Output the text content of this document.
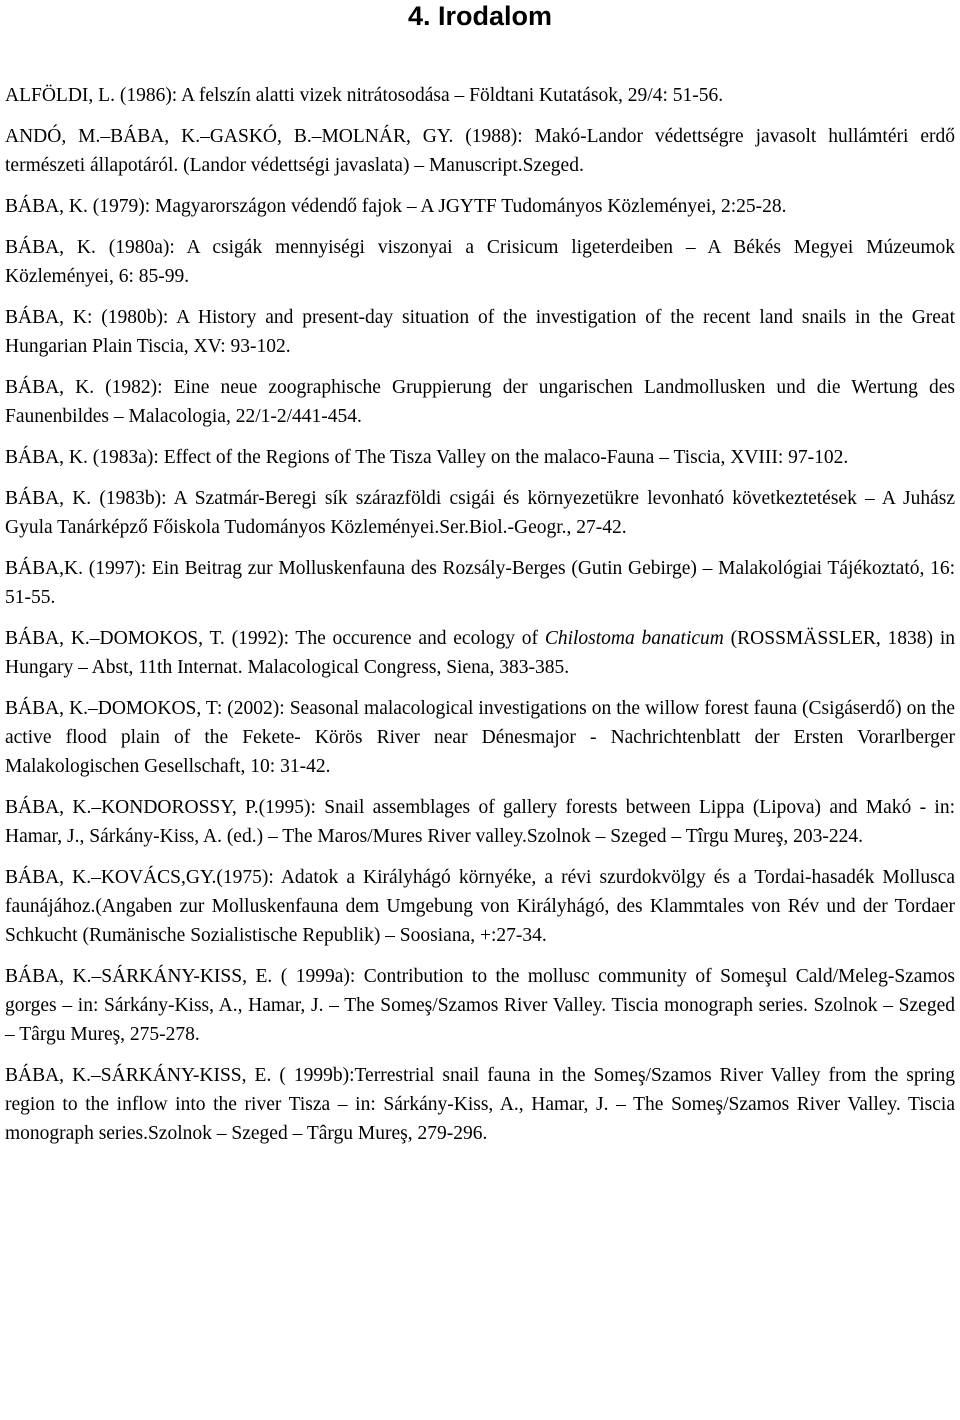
4. Irodalom

ALFÖLDI, L. (1986): A felszín alatti vizek nitrátosodása – Földtani Kutatások, 29/4: 51-56.

ANDÓ, M.–BÁBA, K.–GASKÓ, B.–MOLNÁR, GY. (1988): Makó-Landor védettségre javasolt hullámtéri erdő természeti állapotáról. (Landor védettségi javaslata) – Manuscript.Szeged.

BÁBA, K. (1979): Magyarországon védendő fajok – A JGYTF Tudományos Közleményei, 2:25-28.

BÁBA, K. (1980a): A csigák mennyiségi viszonyai a Crisicum ligeterdeiben – A Békés Megyei Múzeumok Közleményei, 6: 85-99.

BÁBA, K: (1980b): A History and present-day situation of the investigation of the recent land snails in the Great Hungarian Plain Tiscia, XV: 93-102.

BÁBA, K. (1982): Eine neue zoographische Gruppierung der ungarischen Landmollusken und die Wertung des Faunenbildes – Malacologia, 22/1-2/441-454.

BÁBA, K. (1983a): Effect of the Regions of The Tisza Valley on the malaco-Fauna – Tiscia, XVIII: 97-102.

BÁBA, K. (1983b): A Szatmár-Beregi sík szárazföldi csigái és környezetükre levonható következtetések – A Juhász Gyula Tanárképző Főiskola Tudományos Közleményei.Ser.Biol.-Geogr., 27-42.

BÁBA,K. (1997): Ein Beitrag zur Molluskenfauna des Rozsály-Berges (Gutin Gebirge) – Malakológiai Tájékoztató, 16: 51-55.

BÁBA, K.–DOMOKOS, T. (1992): The occurence and ecology of Chilostoma banaticum (ROSSMÄSSLER, 1838) in Hungary – Abst, 11th Internat. Malacological Congress, Siena, 383-385.

BÁBA, K.–DOMOKOS, T: (2002): Seasonal malacological investigations on the willow forest fauna (Csigáserdő) on the active flood plain of the Fekete- Körös River near Dénesmajor - Nachrichtenblatt der Ersten Vorarlberger Malakologischen Gesellschaft, 10: 31-42.

BÁBA, K.–KONDOROSSY, P.(1995): Snail assemblages of gallery forests between Lippa (Lipova) and Makó - in: Hamar, J., Sárkány-Kiss, A. (ed.) – The Maros/Mures River valley.Szolnok – Szeged – Tîrgu Mureş, 203-224.

BÁBA, K.–KOVÁCS,GY.(1975): Adatok a Királyhágó környéke, a révi szurdokvölgy és a Tordai-hasadék Mollusca faunájához.(Angaben zur Molluskenfauna dem Umgebung von Királyhágó, des Klammtales von Rév und der Tordaer Schkucht (Rumänische Sozialistische Republik) – Soosiana, +:27-34.

BÁBA, K.–SÁRKÁNY-KISS, E. ( 1999a): Contribution to the mollusc community of Someşul Cald/Meleg-Szamos gorges – in: Sárkány-Kiss, A., Hamar, J. – The Someş/Szamos River Valley. Tiscia monograph series. Szolnok – Szeged – Târgu Mureş, 275-278.

BÁBA, K.–SÁRKÁNY-KISS, E. ( 1999b):Terrestrial snail fauna in the Someş/Szamos River Valley from the spring region to the inflow into the river Tisza – in: Sárkány-Kiss, A., Hamar, J. – The Someş/Szamos River Valley. Tiscia monograph series.Szolnok – Szeged – Târgu Mureş, 279-296.
